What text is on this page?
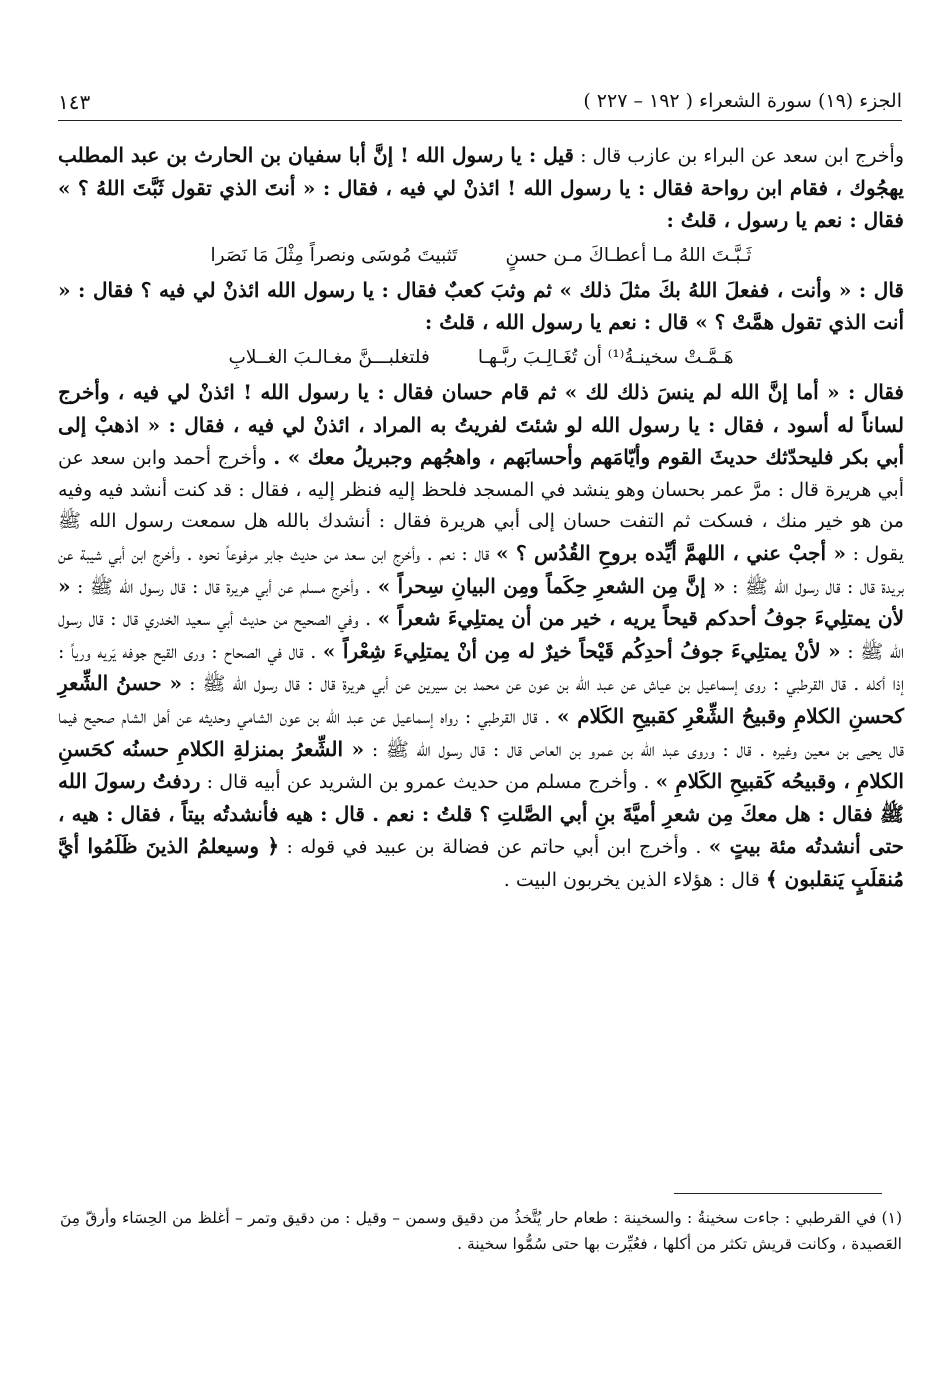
الجزء (١٩) سورة الشعراء ( ١٩٢ – ٢٢٧ )
١٤٣

وأخرج ابن سعد عن البراء بن عازب قال : قيل : يا رسول الله ! إنَّ أبا سفيان بن الحارث بن عبد المطلب يهجُوك ، فقام ابن رواحة فقال : يا رسول الله ! ائذنْ لي فيه ، فقال : « أنتَ الذي تقول ثَبَّتَ اللهُ ؟ » فقال : نعم يا رسول ، قلتُ :

ثَـبَّـتَ اللهُ مـا أعطـاكَ مـن حسنٍ
تَثبيتَ مُوسَى ونصراً مِثْلَ مَا نَصَرا

قال : « وأنت ، ففعلَ اللهُ بكَ مثلَ ذلك » ثم وثبَ كعبٌ فقال : يا رسول الله ائذنْ لي فيه ؟ فقال : « أنت الذي تقول همَّتْ ؟ » قال : نعم يا رسول الله ، قلتُ :

هَـمَّـتْ سخينـةُ⁽¹⁾ أن تُغَـالِـبَ ربَّـهـا
فلتغلبـــنَّ مغـالـبَ الغــلابِ

فقال : « أما إنَّ الله لم ينسَ ذلك لك » ثم قام حسان فقال : يا رسول الله ! ائذنْ لي فيه ، وأخرج لساناً له أسود ، فقال : يا رسول الله لو شئتَ لفريتُ به المراد ، ائذنْ لي فيه ، فقال : « اذهبْ إلى أبي بكر فليحدّثك حديثَ القوم وأيّامَهم وأحسابَهم ، واهجُهم وجبريلُ معك » . وأخرج أحمد وابن سعد عن أبي هريرة قال : مرَّ عمر بحسان وهو ينشد في المسجد فلحظ إليه فنظر إليه ، فقال : قد كنت أنشد فيه وفيه من هو خير منك ، فسكت ثم التفت حسان إلى أبي هريرة فقال : أنشدك بالله هل سمعت رسول الله ﷺ يقول : « أجبْ عني ، اللهمَّ أيِّده بروحِ القُدُس ؟ » قال : نعم . وأخرج ابن سعد من حديث جابر مرفوعاً نحوه . وأخرج ابن أبي شيبة عن بريدة قال : قال رسول الله ﷺ : « إنَّ مِن الشعرِ حِكَماً ومِن البيانِ سِحراً » . وأخرج مسلم عن أبي هريرة قال : قال رسول الله ﷺ : « لأن يمتلِيءَ جوفُ أحدكم قيحاً يريه ، خير من أن يمتلِيءَ شعراً » . وفي الصحيح من حديث أبي سعيد الخدري قال : قال رسول الله ﷺ : « لأنْ يمتلِيءَ جوفُ أحدِكُم قَيْحاً خيرٌ له مِن أنْ يمتلِيءَ شِعْراً » . قال في الصحاح : ورى القيح جوفه يَريه ورياً : إذا أكله . قال القرطبي : روى إسماعيل بن عياش عن عبد الله بن عون عن محمد بن سيرين عن أبي هريرة قال : قال رسول الله ﷺ : « حسنُ الشِّعرِ كحسنِ الكلامِ وقبيحُ الشِّعْرِ كقبيحِ الكَلام » . قال القرطبي : رواه إسماعيل عن عبد الله بن عون الشامي وحديثه عن أهل الشام صحيح فيما قال يحيى بن معين وغيره . قال : وروى عبد الله بن عمرو بن العاص قال : قال رسول الله ﷺ : « الشِّعرُ بمنزلةِ الكلامِ حسنُه كحَسنِ الكلامِ ، وقبيحُه كَقبيحِ الكَلامِ » . وأخرج مسلم من حديث عمرو بن الشريد عن أبيه قال : ردفتُ رسولَ الله ﷺ فقال : هل معكَ مِن شعرِ أميَّةَ بنِ أبي الصَّلتِ ؟ قلتُ : نعم . قال : هيه فأنشدتُه بيتاً ، فقال : هيه ، حتى أنشدتُه مئة بيتٍ » . وأخرج ابن أبي حاتم عن فضالة بن عبيد في قوله : ﴿ وسيعلمُ الذينَ ظَلَمُوا أيَّ مُنقلَبٍ يَنقلبون ﴾ قال : هؤلاء الذين يخربون البيت .

(١) في القرطبي : جاءت سخينةُ : والسخينة : طعام حار يُتَّخذُ من دقيق وسمن – وقيل : من دقيق وتمر – أغلظ من الحِسَاء وأرقّ مِنَ العَصيدة ، وكانت قريش تكثر من أكلها ، فعُيِّرت بها حتى سُمُّوا سخينة .
